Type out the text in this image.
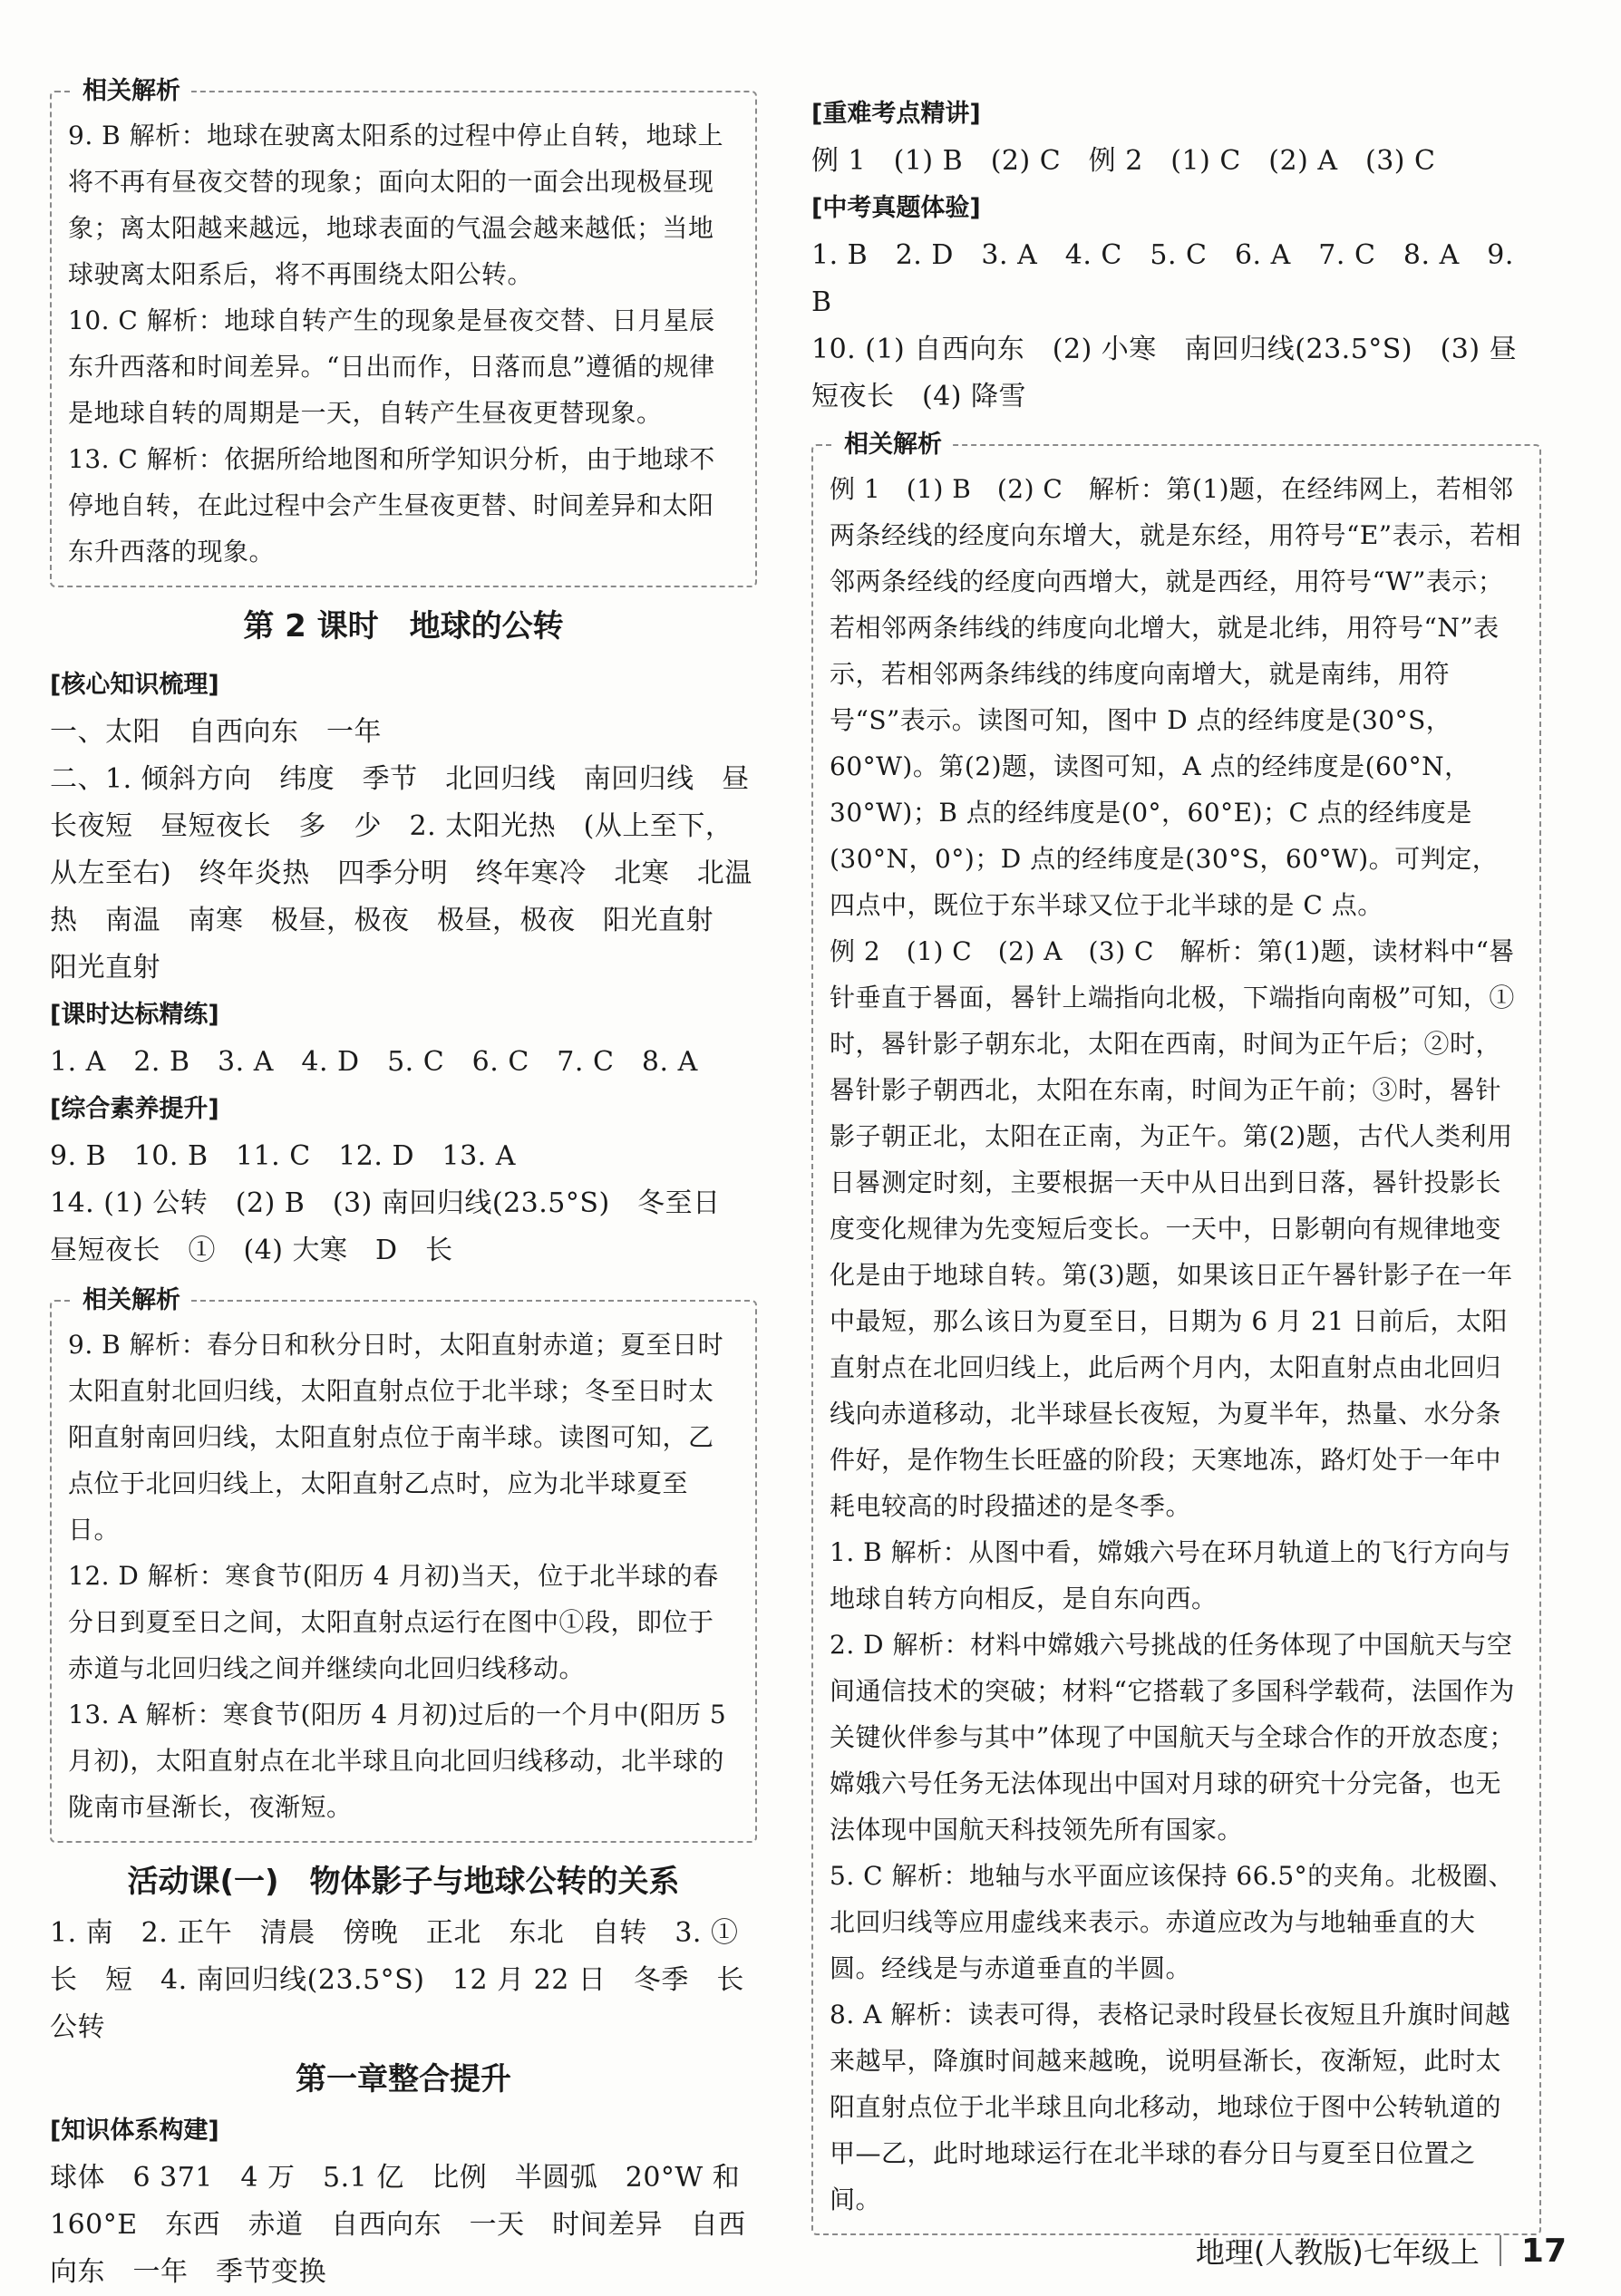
相关解析

9. B 解析：地球在驶离太阳系的过程中停止自转，地球上将不再有昼夜交替的现象；面向太阳的一面会出现极昼现象；离太阳越来越远，地球表面的气温会越来越低；当地球驶离太阳系后，将不再围绕太阳公转。

10. C 解析：地球自转产生的现象是昼夜交替、日月星辰东升西落和时间差异。“日出而作，日落而息”遵循的规律是地球自转的周期是一天，自转产生昼夜更替现象。

13. C 解析：依据所给地图和所学知识分析，由于地球不停地自转，在此过程中会产生昼夜更替、时间差异和太阳东升西落的现象。

第 2 课时　地球的公转
[核心知识梳理]

一、太阳　自西向东　一年

二、1. 倾斜方向　纬度　季节　北回归线　南回归线　昼长夜短　昼短夜长　多　少　2. 太阳光热　(从上至下，从左至右)　终年炎热　四季分明　终年寒冷　北寒　北温　热　南温　南寒　极昼，极夜　极昼，极夜　阳光直射　阳光直射

[课时达标精练]

1. A　2. B　3. A　4. D　5. C　6. C　7. C　8. A

[综合素养提升]

9. B　10. B　11. C　12. D　13. A

14. (1) 公转　(2) B　(3) 南回归线(23.5°S)　冬至日　昼短夜长　①　(4) 大寒　D　长

相关解析

9. B 解析：春分日和秋分日时，太阳直射赤道；夏至日时太阳直射北回归线，太阳直射点位于北半球；冬至日时太阳直射南回归线，太阳直射点位于南半球。读图可知，乙点位于北回归线上，太阳直射乙点时，应为北半球夏至日。

12. D 解析：寒食节(阳历 4 月初)当天，位于北半球的春分日到夏至日之间，太阳直射点运行在图中①段，即位于赤道与北回归线之间并继续向北回归线移动。

13. A 解析：寒食节(阳历 4 月初)过后的一个月中(阳历 5 月初)，太阳直射点在北半球且向北回归线移动，北半球的陇南市昼渐长，夜渐短。

活动课(一)　物体影子与地球公转的关系

1. 南　2. 正午　清晨　傍晚　正北　东北　自转　3. ①　长　短　4. 南回归线(23.5°S)　12 月 22 日　冬季　长　公转

第一章整合提升
[知识体系构建]

球体　6 371　4 万　5.1 亿　比例　半圆弧　20°W 和 160°E　东西　赤道　自西向东　一天　时间差异　自西向东　一年　季节变换

[重难考点精讲]

例 1　(1) B　(2) C　例 2　(1) C　(2) A　(3) C

[中考真题体验]

1. B　2. D　3. A　4. C　5. C　6. A　7. C　8. A　9. B

10. (1) 自西向东　(2) 小寒　南回归线(23.5°S)　(3) 昼短夜长　(4) 降雪

相关解析

例 1　(1) B　(2) C　解析：第(1)题，在经纬网上，若相邻两条经线的经度向东增大，就是东经，用符号“E”表示，若相邻两条经线的经度向西增大，就是西经，用符号“W”表示；若相邻两条纬线的纬度向北增大，就是北纬，用符号“N”表示，若相邻两条纬线的纬度向南增大，就是南纬，用符号“S”表示。读图可知，图中 D 点的经纬度是(30°S，60°W)。第(2)题，读图可知，A 点的经纬度是(60°N，30°W)；B 点的经纬度是(0°，60°E)；C 点的经纬度是(30°N，0°)；D 点的经纬度是(30°S，60°W)。可判定，四点中，既位于东半球又位于北半球的是 C 点。

例 2　(1) C　(2) A　(3) C　解析：第(1)题，读材料中“晷针垂直于晷面，晷针上端指向北极，下端指向南极”可知，①时，晷针影子朝东北，太阳在西南，时间为正午后；②时，晷针影子朝西北，太阳在东南，时间为正午前；③时，晷针影子朝正北，太阳在正南，为正午。第(2)题，古代人类利用日晷测定时刻，主要根据一天中从日出到日落，晷针投影长度变化规律为先变短后变长。一天中，日影朝向有规律地变化是由于地球自转。第(3)题，如果该日正午晷针影子在一年中最短，那么该日为夏至日，日期为 6 月 21 日前后，太阳直射点在北回归线上，此后两个月内，太阳直射点由北回归线向赤道移动，北半球昼长夜短，为夏半年，热量、水分条件好，是作物生长旺盛的阶段；天寒地冻，路灯处于一年中耗电较高的时段描述的是冬季。

1. B 解析：从图中看，嫦娥六号在环月轨道上的飞行方向与地球自转方向相反，是自东向西。

2. D 解析：材料中嫦娥六号挑战的任务体现了中国航天与空间通信技术的突破；材料“它搭载了多国科学载荷，法国作为关键伙伴参与其中”体现了中国航天与全球合作的开放态度；嫦娥六号任务无法体现出中国对月球的研究十分完备，也无法体现中国航天科技领先所有国家。

5. C 解析：地轴与水平面应该保持 66.5°的夹角。北极圈、北回归线等应用虚线来表示。赤道应改为与地轴垂直的大圆。经线是与赤道垂直的半圆。

8. A 解析：读表可得，表格记录时段昼长夜短且升旗时间越来越早，降旗时间越来越晚，说明昼渐长，夜渐短，此时太阳直射点位于北半球且向北移动，地球位于图中公转轨道的甲—乙，此时地球运行在北半球的春分日与夏至日位置之间。

地理(人教版)七年级上 17
